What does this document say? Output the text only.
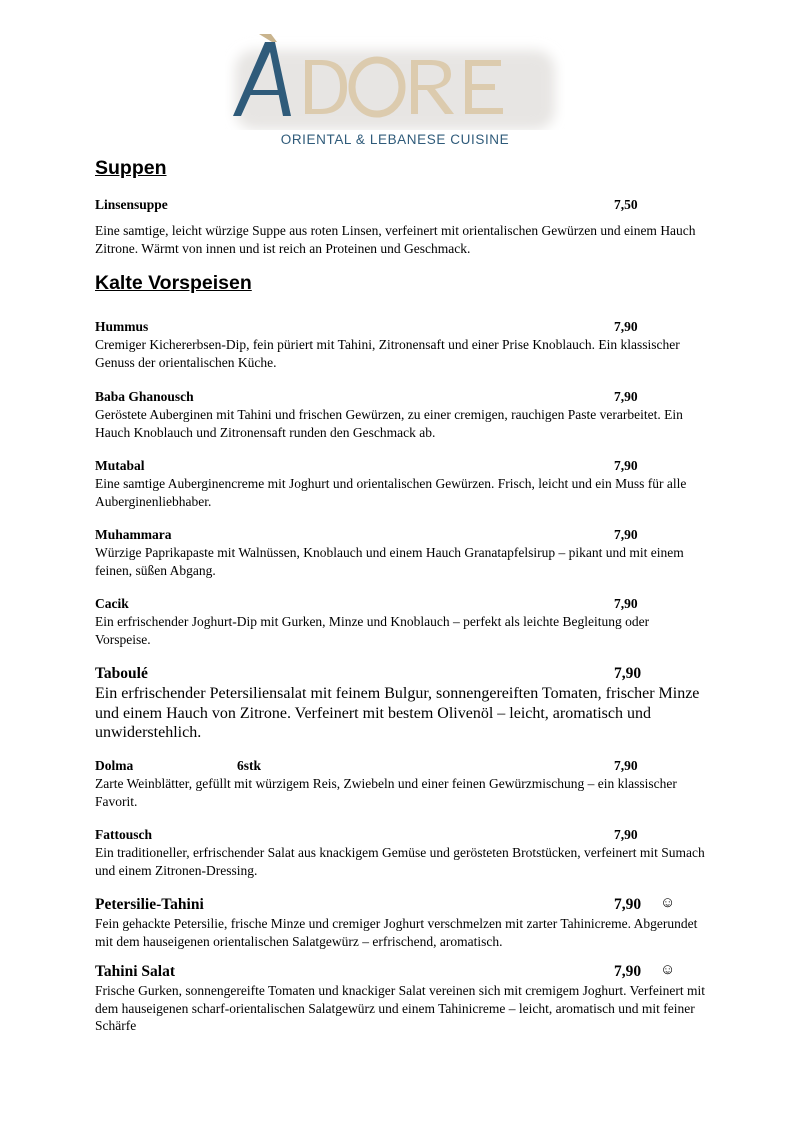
ORIENTAL & LEBANESE CUISINE
Suppen
Linsensuppe	7,50

Eine samtige, leicht würzige Suppe aus roten Linsen, verfeinert mit orientalischen Gewürzen und einem Hauch Zitrone. Wärmt von innen und ist reich an Proteinen und Geschmack.

Kalte Vorspeisen
Hummus	7,90

Cremiger Kichererbsen-Dip, fein püriert mit Tahini, Zitronensaft und einer Prise Knoblauch. Ein klassischer Genuss der orientalischen Küche.

Baba Ghanousch	7,90

Geröstete Auberginen mit Tahini und frischen Gewürzen, zu einer cremigen, rauchigen Paste verarbeitet. Ein Hauch Knoblauch und Zitronensaft runden den Geschmack ab.

Mutabal	7,90

Eine samtige Auberginencreme mit Joghurt und orientalischen Gewürzen. Frisch, leicht und ein Muss für alle Auberginenliebhaber.

Muhammara	7,90

Würzige Paprikapaste mit Walnüssen, Knoblauch und einem Hauch Granatapfelsirup – pikant und mit einem feinen, süßen Abgang.

Cacik	7,90

Ein erfrischender Joghurt-Dip mit Gurken, Minze und Knoblauch – perfekt als leichte Begleitung oder Vorspeise.

Taboulé	7,90

Ein erfrischender Petersiliensalat mit feinem Bulgur, sonnengereiften Tomaten, frischer Minze und einem Hauch von Zitrone. Verfeinert mit bestem Olivenöl – leicht, aromatisch und unwiderstehlich.

Dolma	6stk	7,90

Zarte Weinblätter, gefüllt mit würzigem Reis, Zwiebeln und einer feinen Gewürzmischung – ein klassischer Favorit.

Fattousch	7,90

Ein traditioneller, erfrischender Salat aus knackigem Gemüse und gerösteten Brotstücken, verfeinert mit Sumach und einem Zitronen-Dressing.

Petersilie-Tahini	7,90 ☺

Fein gehackte Petersilie, frische Minze und cremiger Joghurt verschmelzen mit zarter Tahinicreme. Abgerundet mit dem hauseigenen orientalischen Salatgewürz – erfrischend, aromatisch.

Tahini Salat	7,90 ☺

Frische Gurken, sonnengereifte Tomaten und knackiger Salat vereinen sich mit cremigem Joghurt. Verfeinert mit dem hauseigenen scharf-orientalischen Salatgewürz und einem Tahinicreme – leicht, aromatisch und mit feiner Schärfe
